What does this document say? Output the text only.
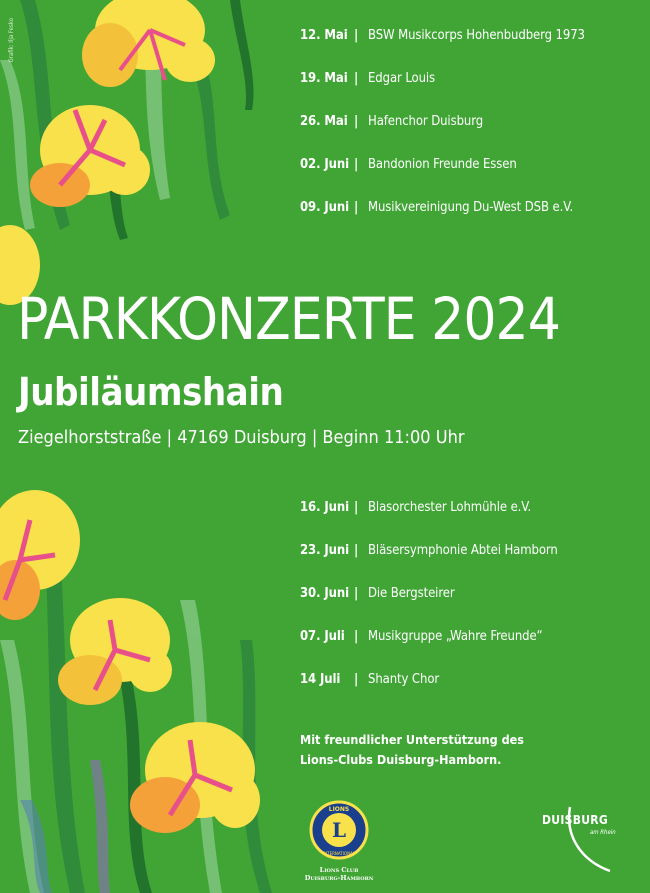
Grafik: Ilja Fesko	12. Mai | BSW Musikcorps Hohenbudberg 1973
19. Mai | Edgar Louis
26. Mai | Hafenchor Duisburg
02. Juni | Bandonion Freunde Essen
09. Juni | Musikvereinigung Du-West DSB e.V.
PARKKONZERTE 2024
Jubiläumshain

Ziegelhorststraße | 47169 Duisburg | Beginn 11:00 Uhr

16. Juni | Blasorchester Lohmühle e.V.
23. Juni | Bläsersymphonie Abtei Hamborn
30. Juni | Die Bergsteirer
07. Juli | Musikgruppe „Wahre Freunde“
14 Juli | Shanty Chor

Mit freundlicher Unterstützung des
Lions-Clubs Duisburg-Hamborn.

L
LIONS
INTERNATIONAL
Lions Club
Duisburg-Hamborn
DUISBURG
am Rhein
